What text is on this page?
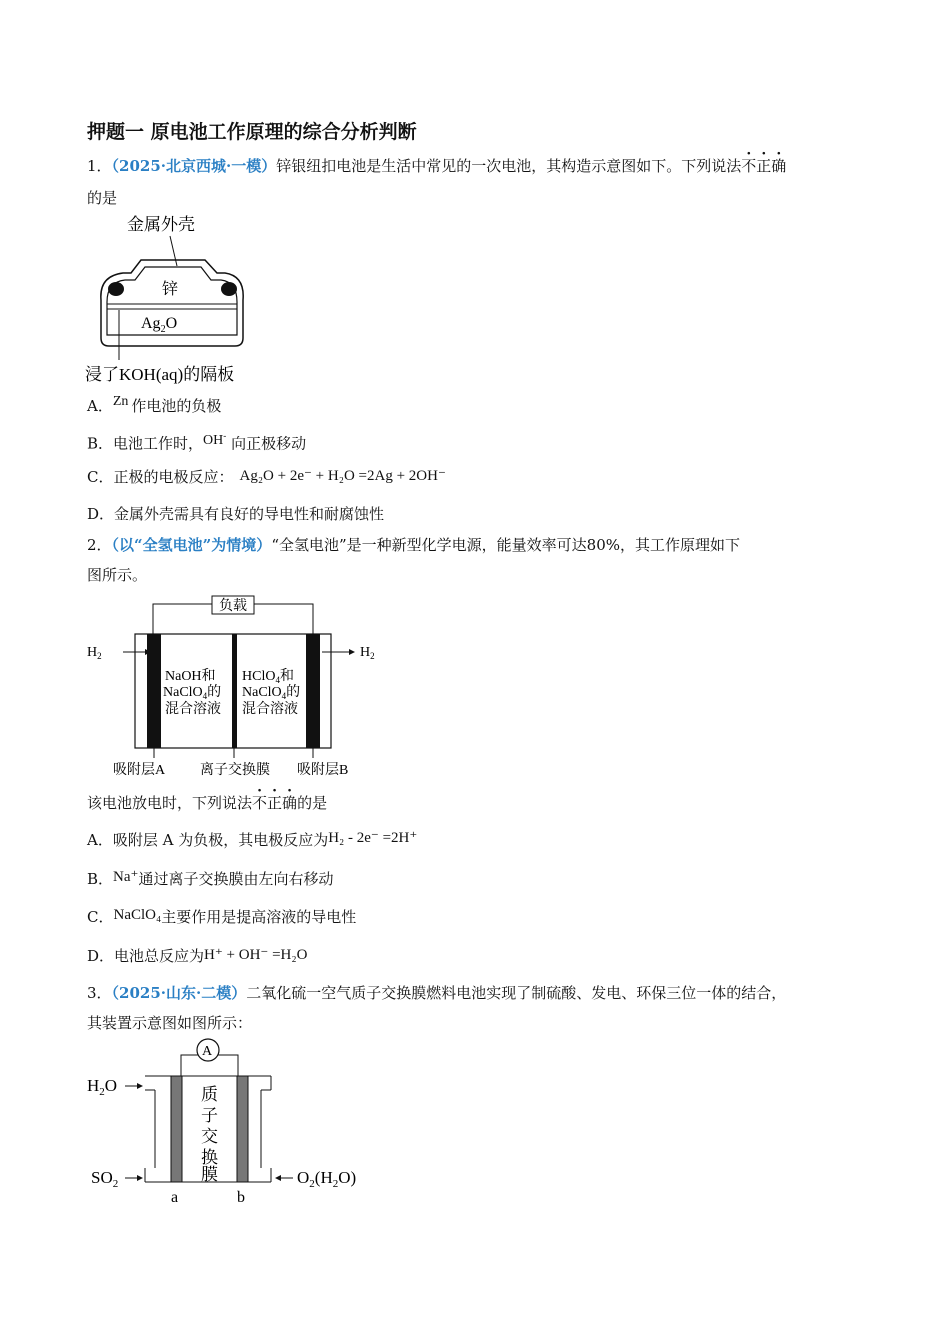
押题一 原电池工作原理的综合分析判断
1．（2025·北京西城·一模）锌银纽扣电池是生活中常见的一次电池，其构造示意图如下。下列说法不正确
的是
金属外壳
锌
$Ag_2O$
浸了KOH(aq)的隔板
A．Zn 作电池的负极
B．电池工作时，OH- 向正极移动
C．正极的电极反应： Ag₂O + 2e⁻ + H₂O =2Ag + 2OH⁻
D．金属外壳需具有良好的导电性和耐腐蚀性
2．（以“全氢电池”为情境）“全氢电池”是一种新型化学电源，能量效率可达80%，其工作原理如下
图所示。
负载
$H_2$	$H_2$
NaOH和
NaClO$_4$的
混合溶液
HClO$_4$和
NaClO$_4$的
混合溶液
吸附层A 离子交换膜 吸附层B
该电池放电时，下列说法不正确的是
A．吸附层 A 为负极，其电极反应为H₂ - 2e⁻ =2H⁺
B．Na⁺通过离子交换膜由左向右移动
C．NaClO₄主要作用是提高溶液的导电性
D．电池总反应为H⁺ + OH⁻ =H₂O
3．（2025·山东·二模）二氧化硫一空气质子交换膜燃料电池实现了制硫酸、发电、环保三位一体的结合，
其装置示意图如图所示：
A
质
子
交
换
膜
$H_2O$
$SO_2$	$O_2(H_2O)$
a	b
